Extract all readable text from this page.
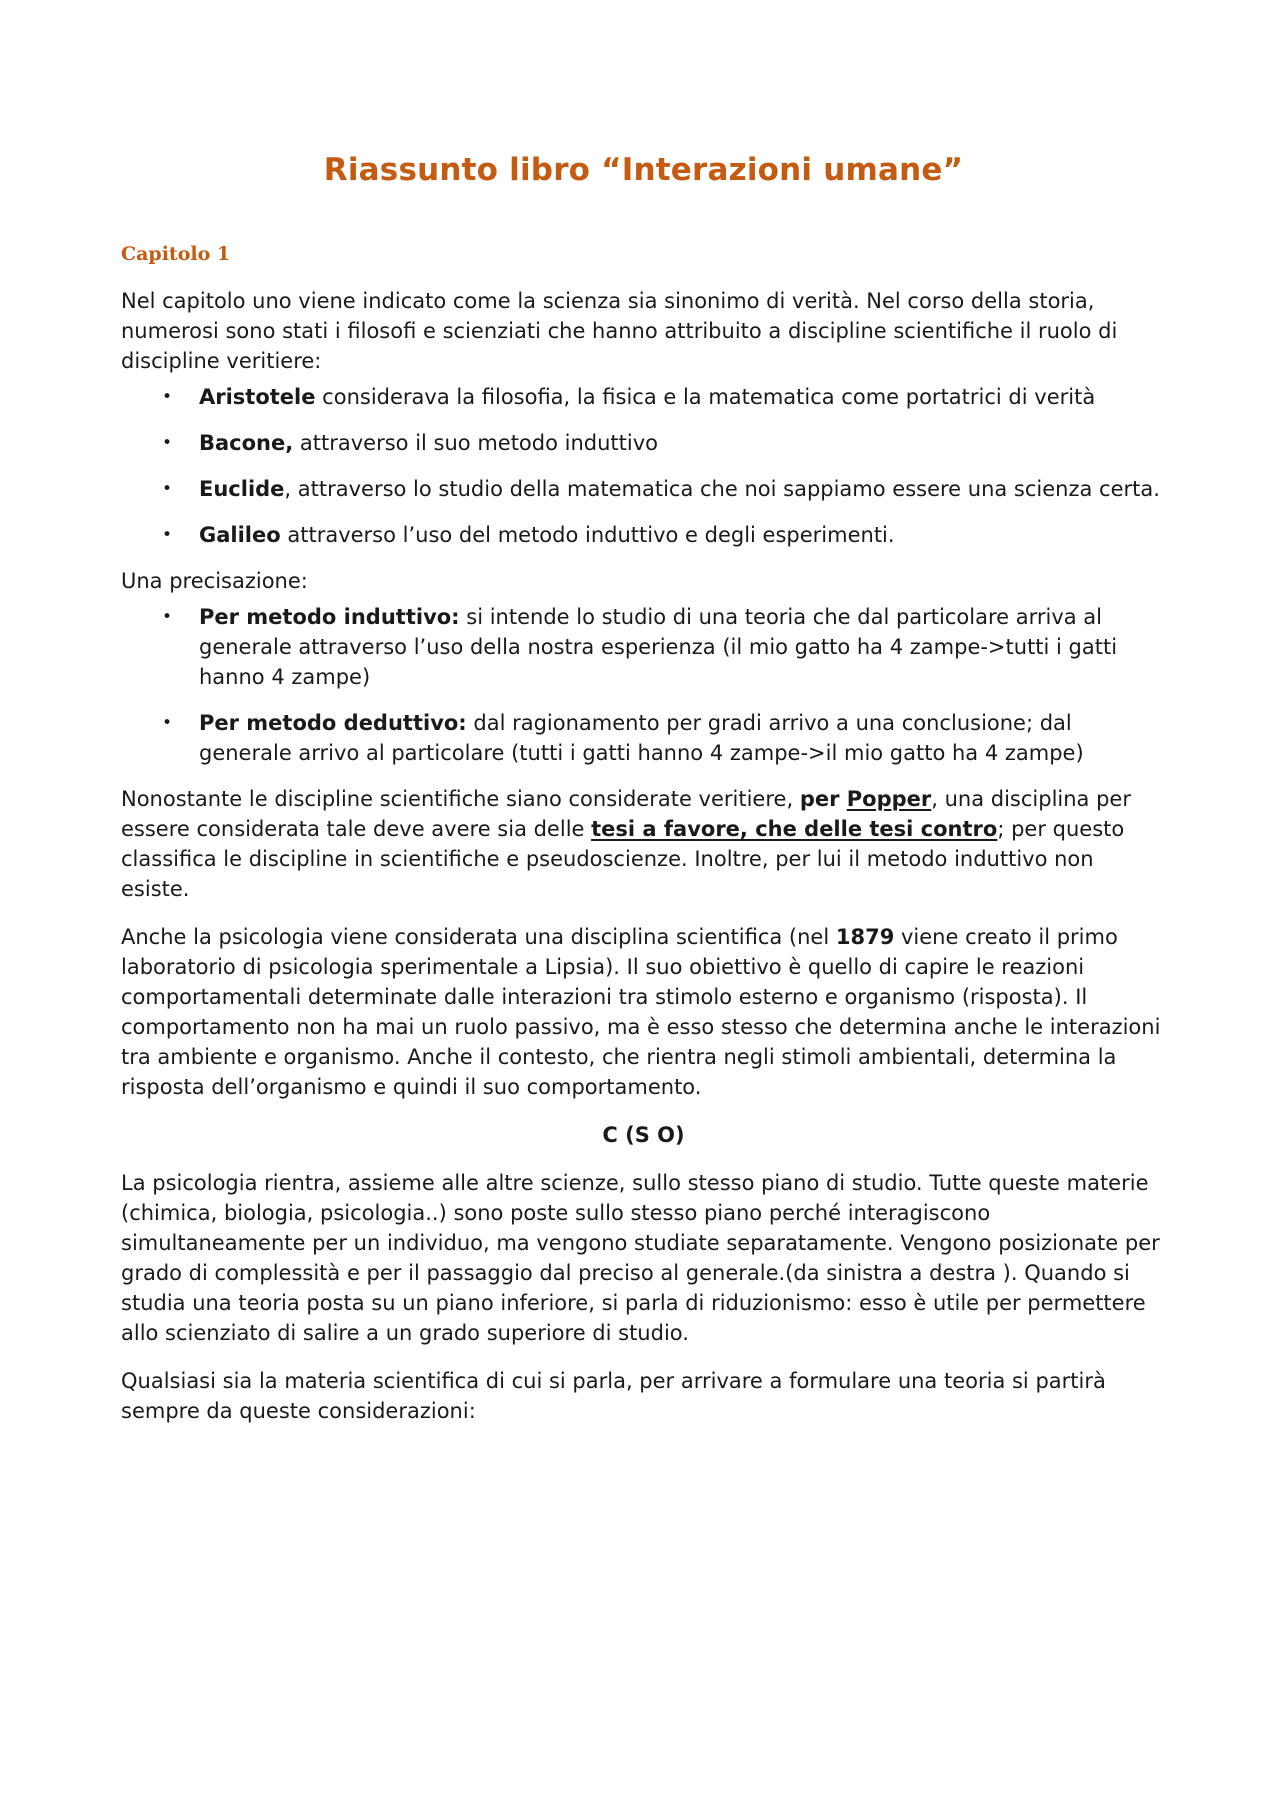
Riassunto libro “Interazioni umane”
Capitolo 1

Nel capitolo uno viene indicato come la scienza sia sinonimo di verità. Nel corso della storia, numerosi sono stati i filosofi e scienziati che hanno attribuito a discipline scientifiche il ruolo di discipline veritiere:

• Aristotele considerava la filosofia, la fisica e la matematica come portatrici di verità
• Bacone, attraverso il suo metodo induttivo
• Euclide, attraverso lo studio della matematica che noi sappiamo essere una scienza certa.
• Galileo attraverso l’uso del metodo induttivo e degli esperimenti.

Una precisazione:

• Per metodo induttivo: si intende lo studio di una teoria che dal particolare arriva al generale attraverso l’uso della nostra esperienza (il mio gatto ha 4 zampe->tutti i gatti hanno 4 zampe)
• Per metodo deduttivo: dal ragionamento per gradi arrivo a una conclusione; dal generale arrivo al particolare (tutti i gatti hanno 4 zampe->il mio gatto ha 4 zampe)

Nonostante le discipline scientifiche siano considerate veritiere, per Popper, una disciplina per essere considerata tale deve avere sia delle tesi a favore, che delle tesi contro; per questo classifica le discipline in scientifiche e pseudoscienze. Inoltre, per lui il metodo induttivo non esiste.

Anche la psicologia viene considerata una disciplina scientifica (nel 1879 viene creato il primo laboratorio di psicologia sperimentale a Lipsia). Il suo obiettivo è quello di capire le reazioni comportamentali determinate dalle interazioni tra stimolo esterno e organismo (risposta). Il comportamento non ha mai un ruolo passivo, ma è esso stesso che determina anche le interazioni tra ambiente e organismo. Anche il contesto, che rientra negli stimoli ambientali, determina la risposta dell’organismo e quindi il suo comportamento.

C (S O)

La psicologia rientra, assieme alle altre scienze, sullo stesso piano di studio. Tutte queste materie (chimica, biologia, psicologia..) sono poste sullo stesso piano perché interagiscono simultaneamente per un individuo, ma vengono studiate separatamente. Vengono posizionate per grado di complessità e per il passaggio dal preciso al generale.(da sinistra a destra ). Quando si studia una teoria posta su un piano inferiore, si parla di riduzionismo: esso è utile per permettere allo scienziato di salire a un grado superiore di studio.

Qualsiasi sia la materia scientifica di cui si parla, per arrivare a formulare una teoria si partirà sempre da queste considerazioni:
